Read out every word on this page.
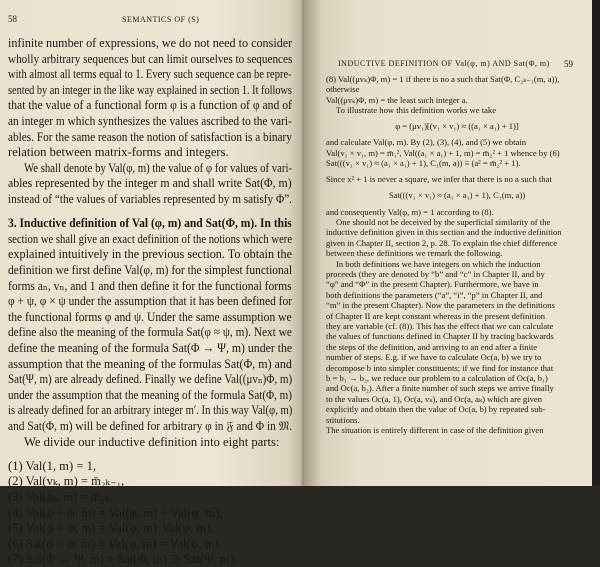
58	SEMANTICS OF (S)
infinite number of expressions, we do not need to consider
wholly arbitrary sequences but can limit ourselves to sequences
with almost all terms equal to 1. Every such sequence can be repre-
sented by an integer in the like way explained in section 1. It follows
that the value of a functional form φ is a function of φ and of
an integer m which synthesizes the values ascribed to the vari-
ables. For the same reason the notion of satisfaction is a binary
relation between matrix-forms and integers.
We shall denote by Val(φ, m) the value of φ for values of vari-
ables represented by the integer m and shall write Sat(Φ, m)
instead of “the values of variables represented by m satisfy Φ”.
3. Inductive definition of Val (φ, m) and Sat(Φ, m). In this
section we shall give an exact definition of the notions which were
explained intuitively in the previous section. To obtain the
definition we first define Val(φ, m) for the simplest functional
forms aₙ, vₙ, and 1 and then define it for the functional forms
φ + ψ, φ × ψ under the assumption that it has been defined for
the functional forms φ and ψ. Under the same assumption we
define also the meaning of the formula Sat(φ ≈ ψ, m). Next we
define the meaning of the formula Sat(Φ → Ψ, m) under the
assumption that the meaning of the formulas Sat(Φ, m) and
Sat(Ψ, m) are already defined. Finally we define Val((μvₙ)Φ, m)
under the assumption that the meaning of the formula Sat(Φ, m)
is already defined for an arbitrary integer m′. In this way Val(φ, m)
and Sat(Φ, m) will be defined for arbitrary φ in 𝔉 and Φ in 𝔐.
We divide our inductive definition into eight parts:
(1) Val(1, m) = 1,
(2) Val(vₖ, m) = m̄₂ₖ₋₁,
(3) Val(aₖ, m) = m̄₂ₖ,
(4) Val(φ + ψ, m) = Val(φ, m) + Val(ψ, m),
(5) Val(φ × ψ, m) = Val(φ, m)·Val(ψ, m),
(6) Sat(φ ≈ ψ, m) ≡ Val(φ, m) = Val(ψ, m),
(7) Sat(Φ → Ψ, m) ≡ Sat(Φ, m) ⊃ Sat(Ψ, m),
INDUCTIVE DEFINITION OF Val(φ, m) AND Sat(Φ, m) 59
(8) Val((μvₖ)Φ, m) = 1 if there is no a such that Sat(Φ, C₂ₖ₋₁(m, a)),
otherwise
Val((μvₖ)Φ, m) = the least such integer a.
To illustrate how this definition works we take
φ = (μv₁)[(v₁ × v₁) ≈ ((a₁ × a₁) + 1)]
and calculate Val(φ, m). By (2), (3), (4), and (5) we obtain
Val(v₁ × v₁, m) = m̄₁², Val((a₁ × a₁) + 1, m) = m̄₂² + 1 whence by (6)
Sat(((v₁ × v₁) ≈ (a₁ × a₁) + 1), C₁(m, a)) ≡ (a² = m̄₂² + 1).
Since x² + 1 is never a square, we infer that there is no a such that
Sat(((v₁ × v₁) ≈ (a₁ × a₁) + 1), C₁(m, a))
and consequently Val(φ, m) = 1 according to (8).
One should not be deceived by the superficial similarity of the
inductive definition given in this section and the inductive definition
given in Chapter II, section 2, p. 28. To explain the chief difference
between these definitions we remark the following.
In both definitions we have integers on which the induction
proceeds (they are denoted by “b” and “c” in Chapter II, and by
“φ” and “Φ” in the present Chapter). Furthermore, we have in
both definitions the parameters (“a”, “i”, “p” in Chapter II, and
“m” in the present Chapter). Now the parameters in the definitions
of Chapter II are kept constant whereas in the present definition
they are variable (cf. (8)). This has the effect that we can calculate
the values of functions defined in Chapter II by tracing backwards
the steps of the definition, and arriving to an end after a finite
number of steps. E.g. if we have to calculate Oc(a, b) we try to
decompose b into simpler constituents; if we find for instance that
b = b₁ → b₂, we reduce our problem to a calculation of Oc(a, b₁)
and Oc(a, b₂). After a finite number of such steps we arrive finally
to the values Oc(a, 1), Oc(a, vₖ), and Oc(a, aₖ) which are given
explicitly and obtain then the value of Oc(a, b) by repeated sub-
stitutions.
The situation is entirely different in case of the definition given
